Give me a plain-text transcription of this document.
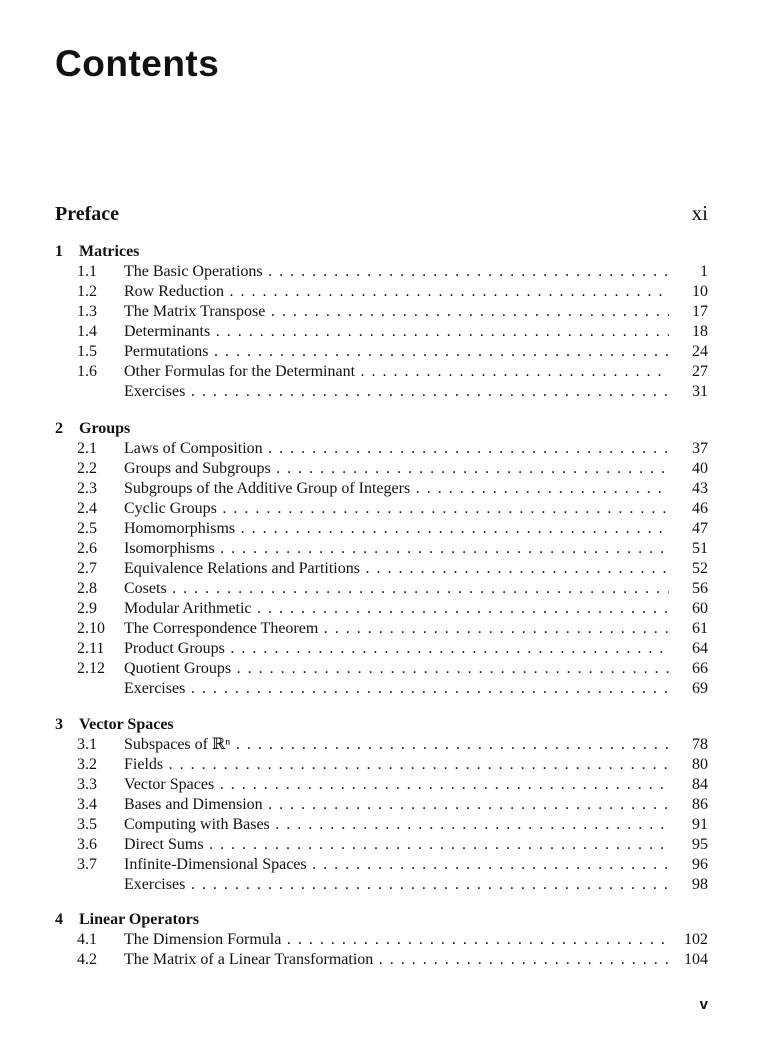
Contents
Preface	xi
1	Matrices
1.1 The Basic Operations . . .	1
1.2 Row Reduction . . .	10
1.3 The Matrix Transpose . . .	17
1.4 Determinants . . .	18
1.5 Permutations . . .	24
1.6 Other Formulas for the Determinant . . .	27
Exercises . . .	31
2	Groups
2.1 Laws of Composition . . .	37
2.2 Groups and Subgroups . . .	40
2.3 Subgroups of the Additive Group of Integers . . .	43
2.4 Cyclic Groups . . .	46
2.5 Homomorphisms . . .	47
2.6 Isomorphisms . . .	51
2.7 Equivalence Relations and Partitions . . .	52
2.8 Cosets . . .	56
2.9 Modular Arithmetic . . .	60
2.10 The Correspondence Theorem . . .	61
2.11 Product Groups . . .	64
2.12 Quotient Groups . . .	66
Exercises . . .	69
3	Vector Spaces
3.1 Subspaces of ℝⁿ . . .	78
3.2 Fields . . .	80
3.3 Vector Spaces . . .	84
3.4 Bases and Dimension . . .	86
3.5 Computing with Bases . . .	91
3.6 Direct Sums . . .	95
3.7 Infinite-Dimensional Spaces . . .	96
Exercises . . .	98
4	Linear Operators
4.1 The Dimension Formula . . .	102
4.2 The Matrix of a Linear Transformation . . .	104
v
